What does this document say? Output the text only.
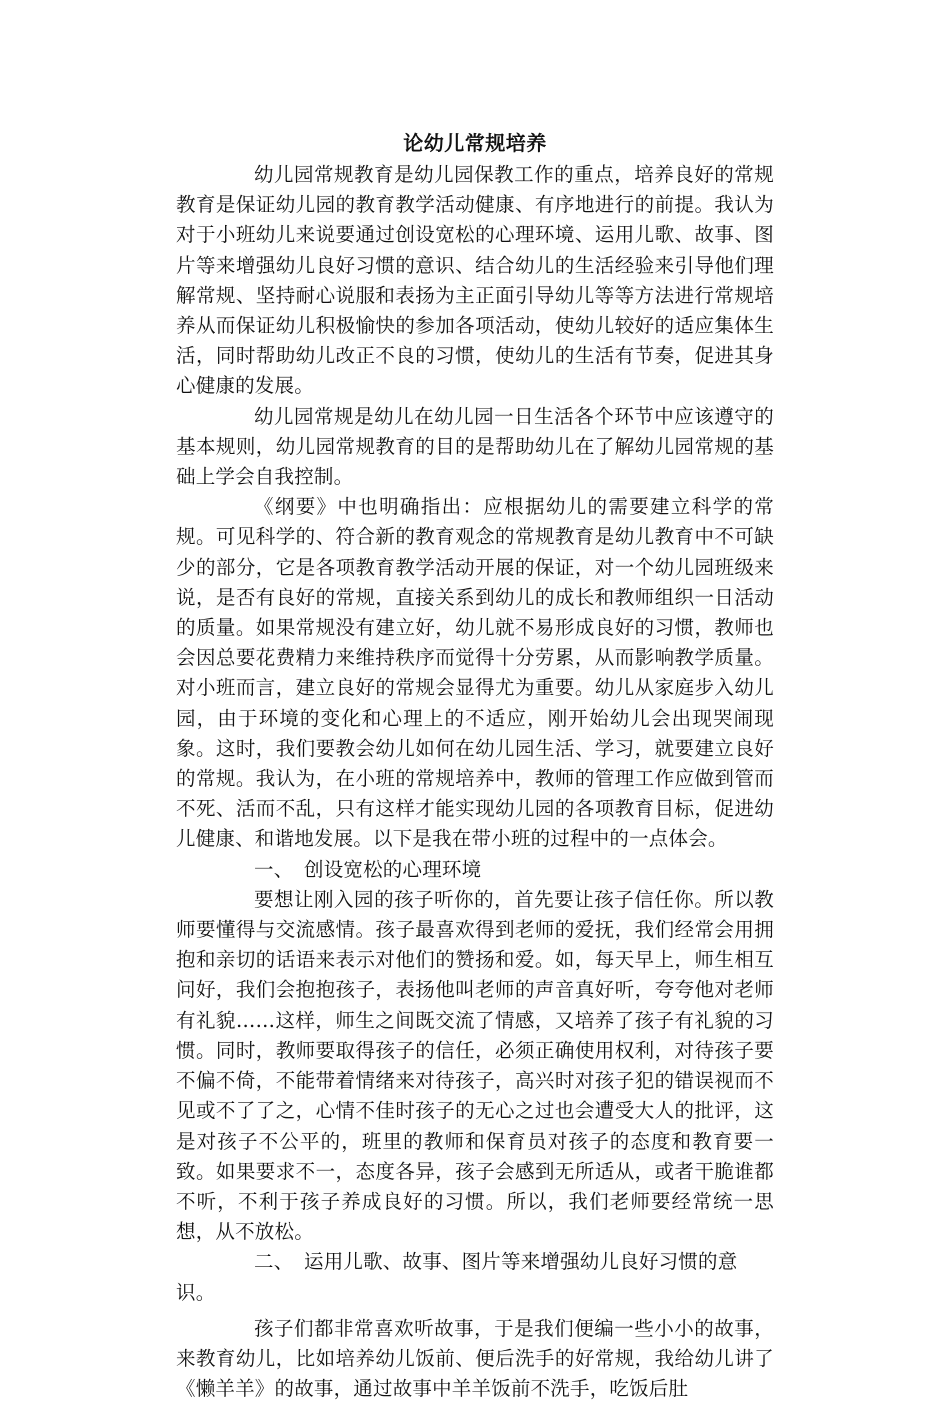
论幼儿常规培养

幼儿园常规教育是幼儿园保教工作的重点，培养良好的常规教育是保证幼儿园的教育教学活动健康、有序地进行的前提。我认为对于小班幼儿来说要通过创设宽松的心理环境、运用儿歌、故事、图片等来增强幼儿良好习惯的意识、结合幼儿的生活经验来引导他们理解常规、坚持耐心说服和表扬为主正面引导幼儿等等方法进行常规培养从而保证幼儿积极愉快的参加各项活动，使幼儿较好的适应集体生活，同时帮助幼儿改正不良的习惯，使幼儿的生活有节奏，促进其身心健康的发展。

幼儿园常规是幼儿在幼儿园一日生活各个环节中应该遵守的基本规则，幼儿园常规教育的目的是帮助幼儿在了解幼儿园常规的基础上学会自我控制。

《纲要》中也明确指出：应根据幼儿的需要建立科学的常规。可见科学的、符合新的教育观念的常规教育是幼儿教育中不可缺少的部分，它是各项教育教学活动开展的保证，对一个幼儿园班级来说，是否有良好的常规，直接关系到幼儿的成长和教师组织一日活动的质量。如果常规没有建立好，幼儿就不易形成良好的习惯，教师也会因总要花费精力来维持秩序而觉得十分劳累，从而影响教学质量。对小班而言，建立良好的常规会显得尤为重要。幼儿从家庭步入幼儿园，由于环境的变化和心理上的不适应，刚开始幼儿会出现哭闹现象。这时，我们要教会幼儿如何在幼儿园生活、学习，就要建立良好的常规。我认为，在小班的常规培养中，教师的管理工作应做到管而不死、活而不乱，只有这样才能实现幼儿园的各项教育目标，促进幼儿健康、和谐地发展。以下是我在带小班的过程中的一点体会。

一、 创设宽松的心理环境

要想让刚入园的孩子听你的，首先要让孩子信任你。所以教师要懂得与交流感情。孩子最喜欢得到老师的爱抚，我们经常会用拥抱和亲切的话语来表示对他们的赞扬和爱。如，每天早上，师生相互问好，我们会抱抱孩子，表扬他叫老师的声音真好听，夸夸他对老师有礼貌……这样，师生之间既交流了情感，又培养了孩子有礼貌的习惯。同时，教师要取得孩子的信任，必须正确使用权利，对待孩子要不偏不倚，不能带着情绪来对待孩子，高兴时对孩子犯的错误视而不见或不了了之，心情不佳时孩子的无心之过也会遭受大人的批评，这是对孩子不公平的，班里的教师和保育员对孩子的态度和教育要一致。如果要求不一，态度各异，孩子会感到无所适从，或者干脆谁都不听，不利于孩子养成良好的习惯。所以，我们老师要经常统一思想，从不放松。

二、 运用儿歌、故事、图片等来增强幼儿良好习惯的意识。

孩子们都非常喜欢听故事，于是我们便编一些小小的故事，来教育幼儿，比如培养幼儿饭前、便后洗手的好常规，我给幼儿讲了《懒羊羊》的故事，通过故事中羊羊饭前不洗手，吃饭后肚
